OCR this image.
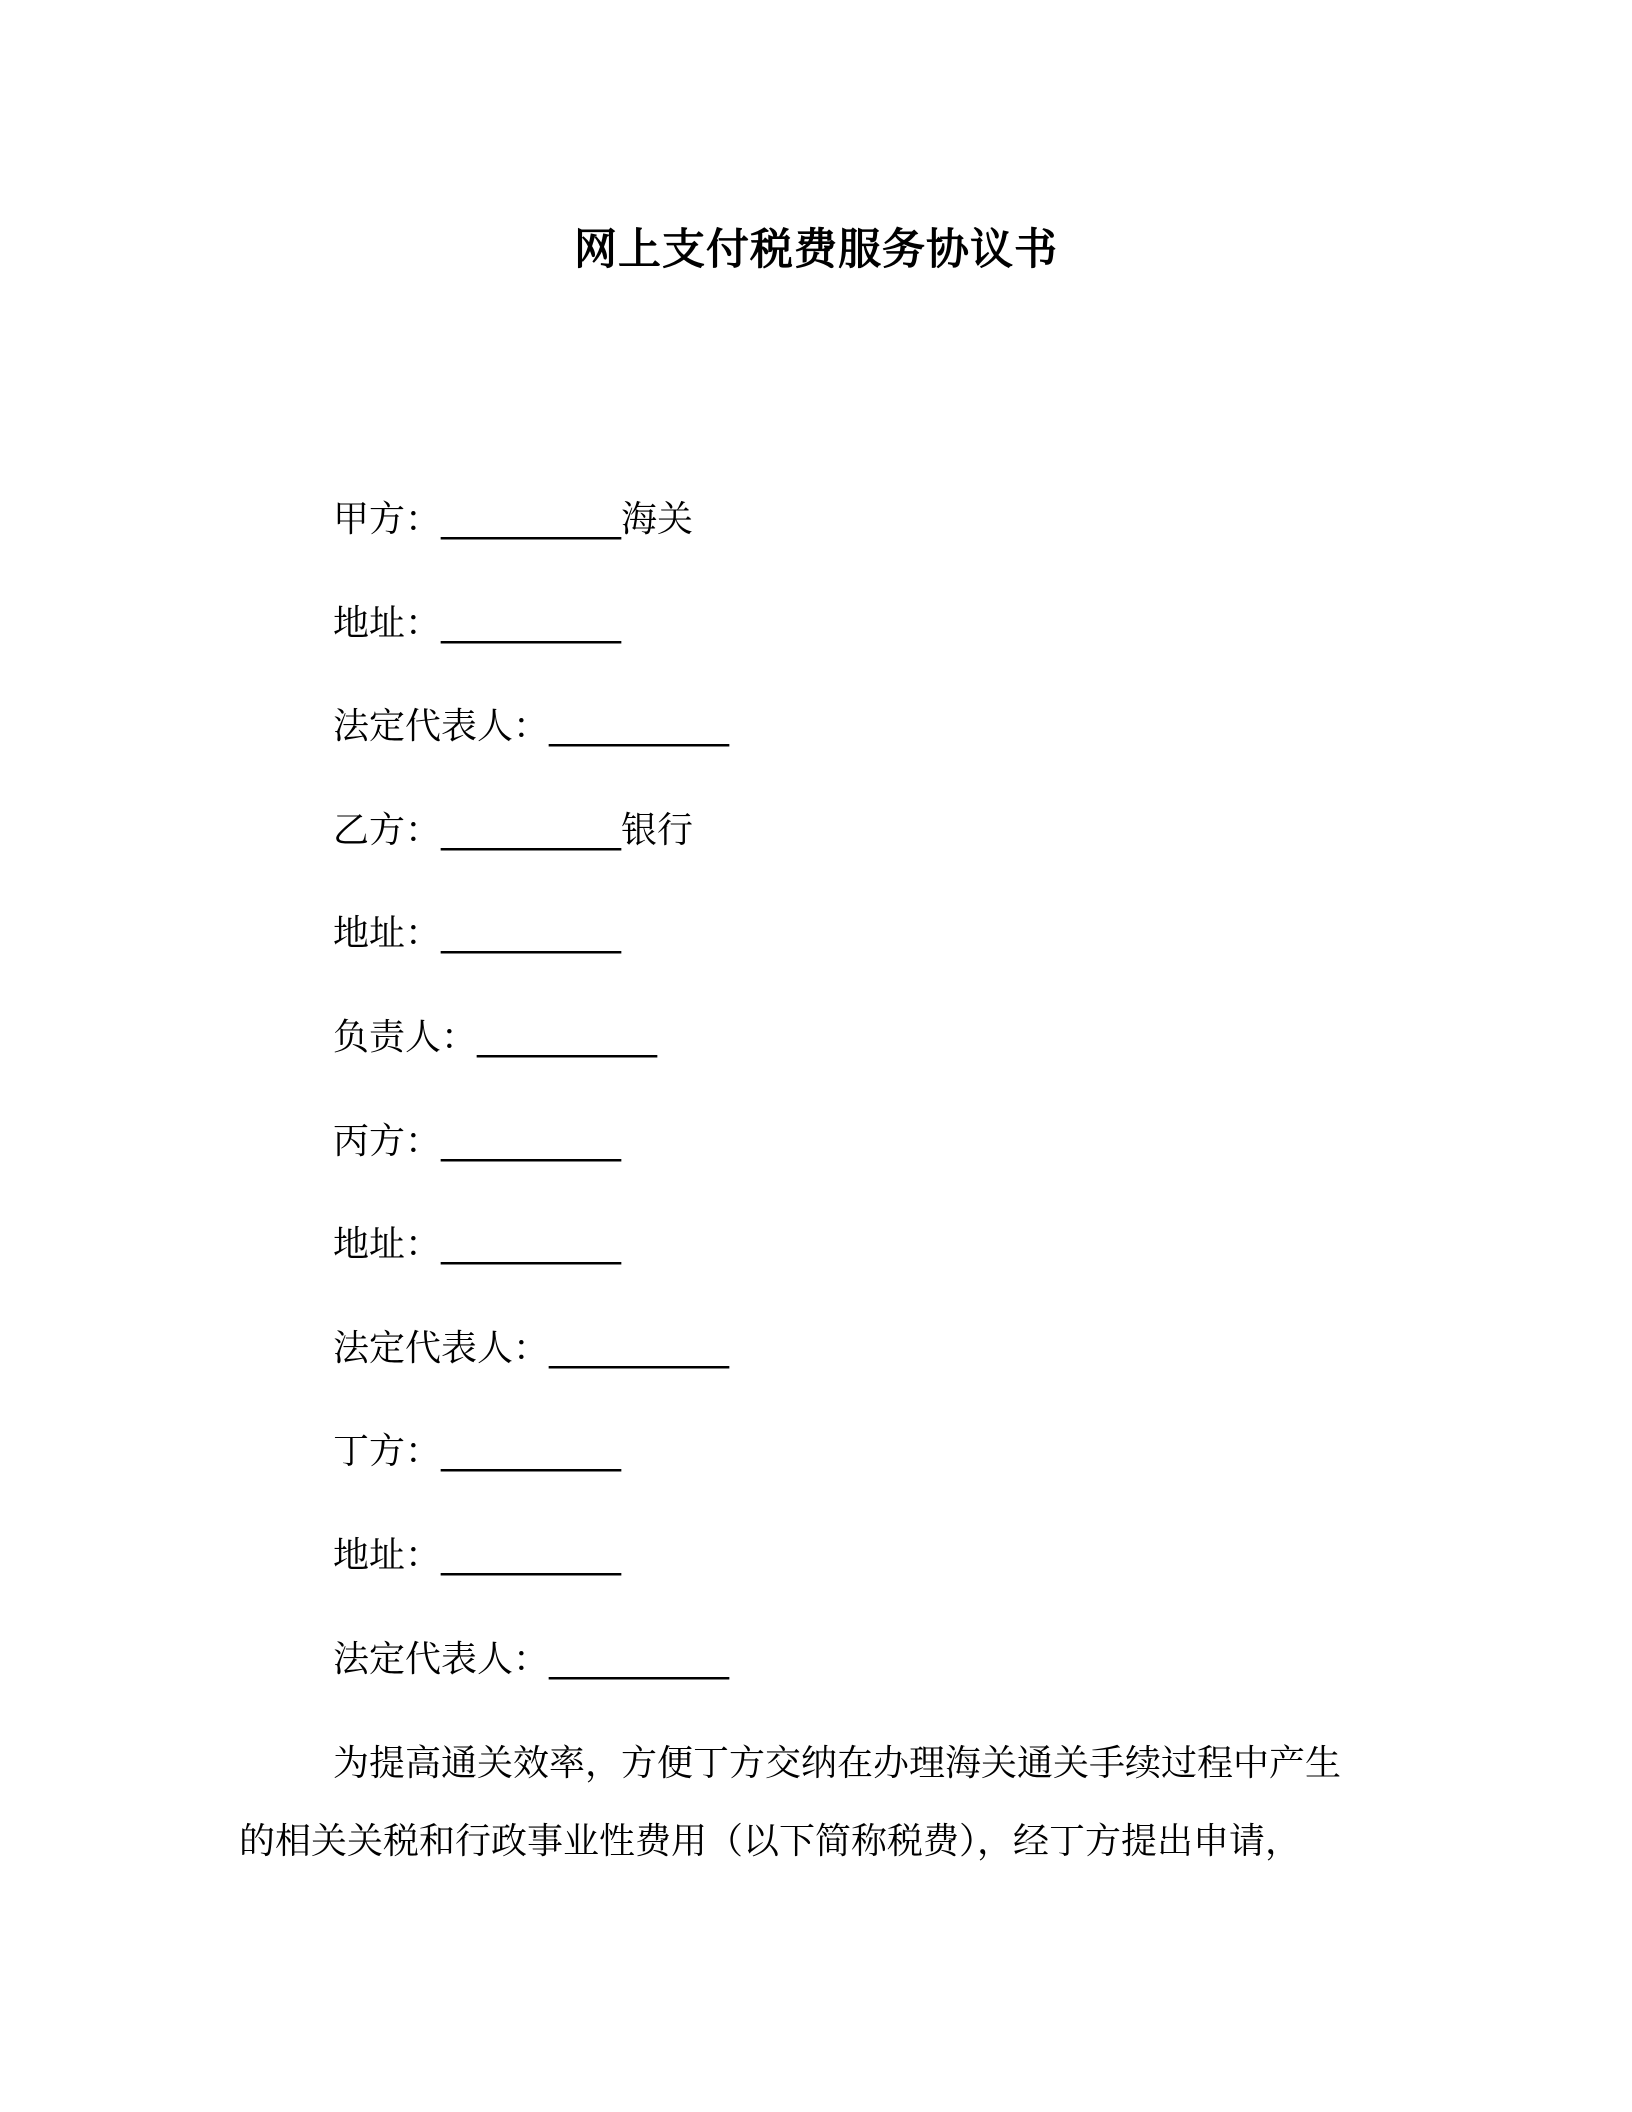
网上支付税费服务协议书
甲方：__________海关
地址：__________
法定代表人：__________
乙方：__________银行
地址：__________
负责人：__________
丙方：__________
地址：__________
法定代表人：__________
丁方：__________
地址：__________
法定代表人：__________
为提高通关效率，方便丁方交纳在办理海关通关手续过程中产生
的相关关税和行政事业性费用（以下简称税费），经丁方提出申请，
